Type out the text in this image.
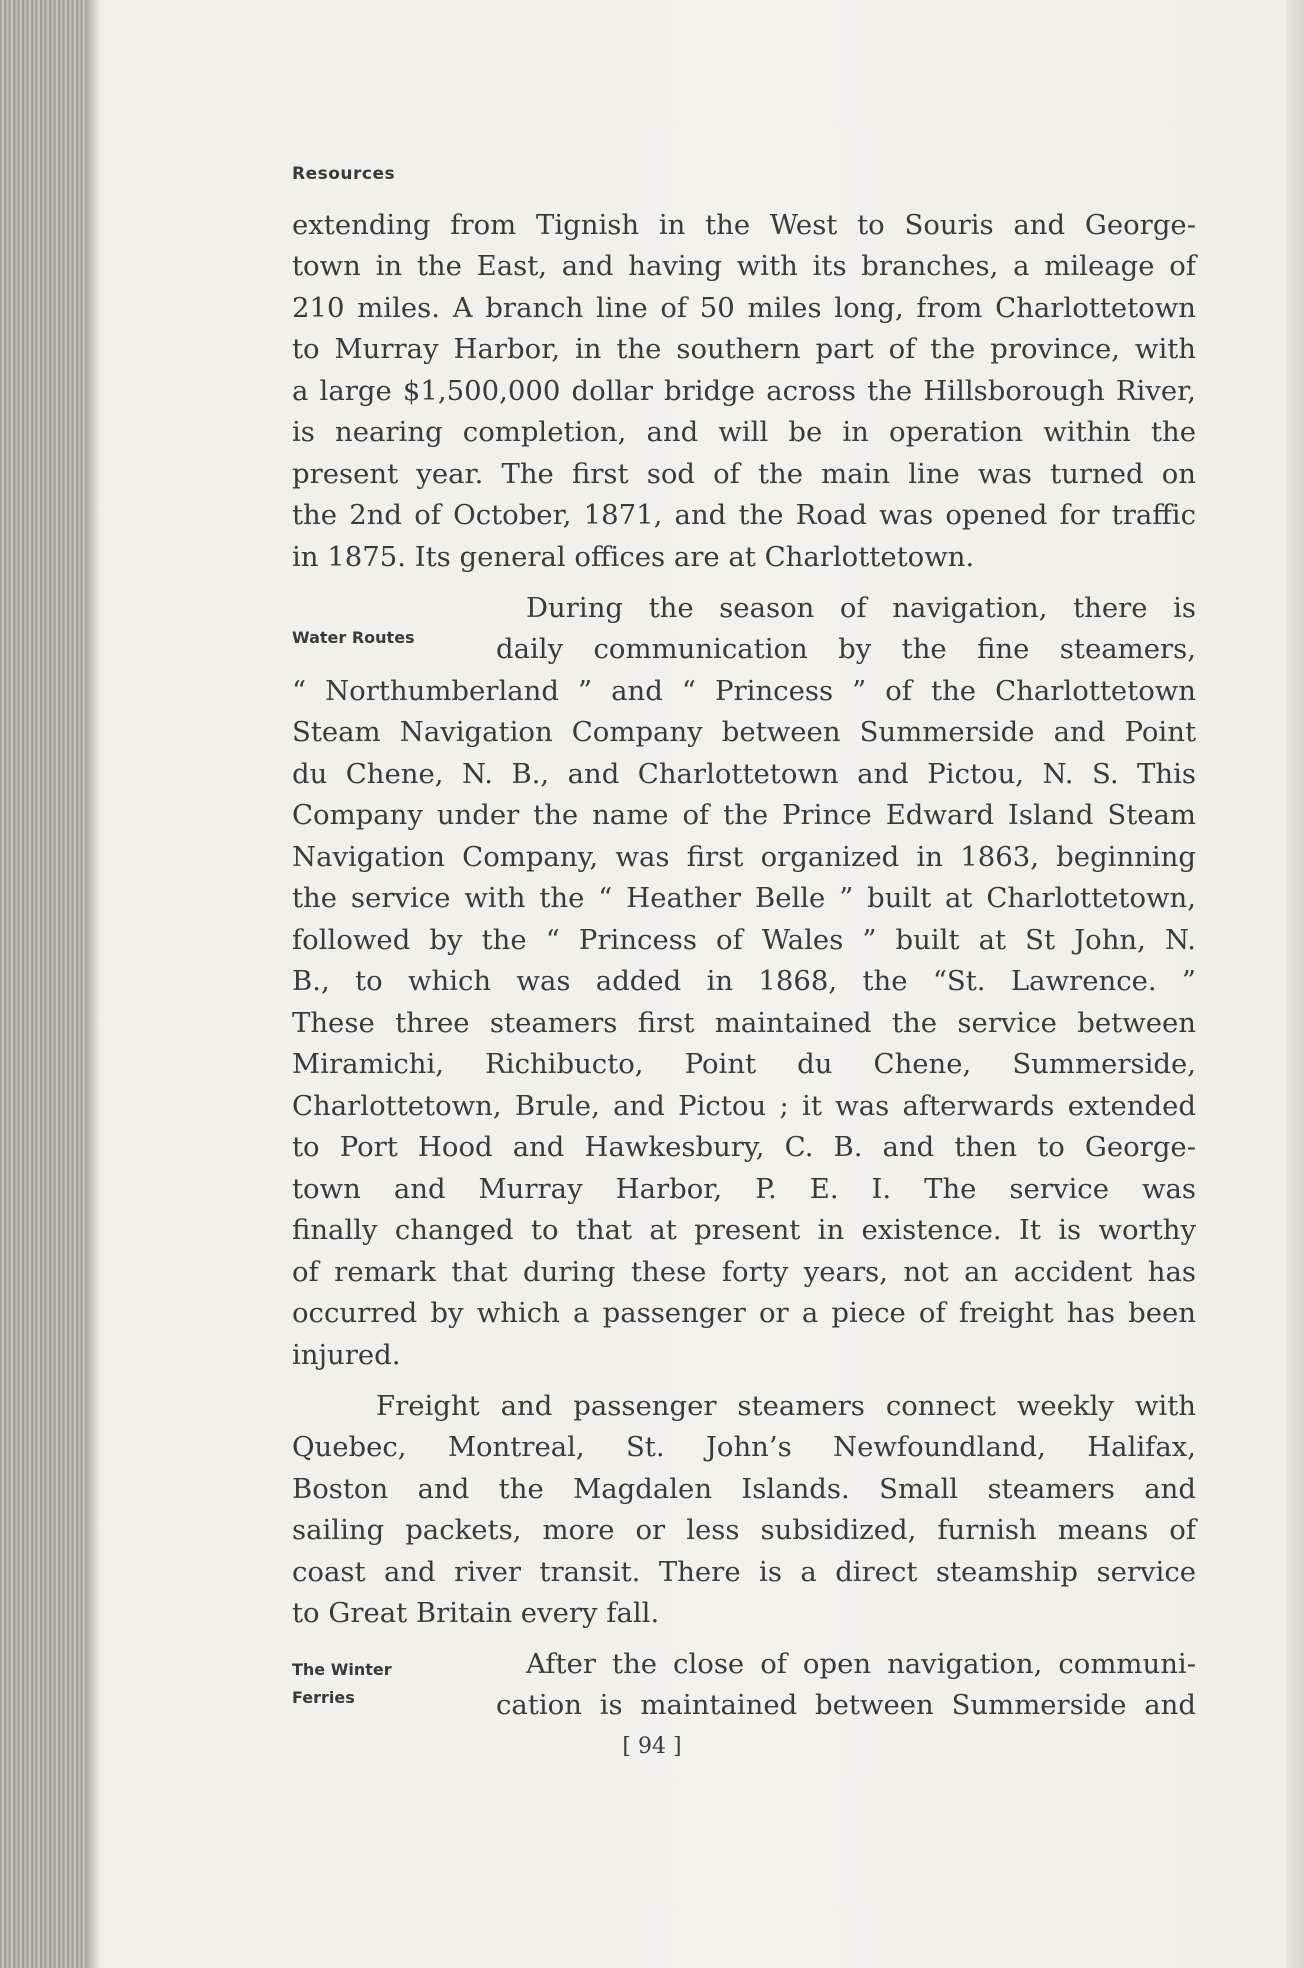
Resources
extending from Tignish in the West to Souris and George-
town in the East, and having with its branches, a mileage of
210 miles. A branch line of 50 miles long, from Charlottetown
to Murray Harbor, in the southern part of the province, with
a large $1,500,000 dollar bridge across the Hillsborough River,
is nearing completion, and will be in operation within the
present year. The first sod of the main line was turned on
the 2nd of October, 1871, and the Road was opened for traffic
in 1875. Its general offices are at Charlottetown.
Water Routes
During the season of navigation, there is
daily communication by the fine steamers,
“ Northumberland ” and “ Princess ” of the Charlottetown
Steam Navigation Company between Summerside and Point
du Chene, N. B., and Charlottetown and Pictou, N. S. This
Company under the name of the Prince Edward Island Steam
Navigation Company, was first organized in 1863, beginning
the service with the “ Heather Belle ” built at Charlottetown,
followed by the “ Princess of Wales ” built at St John, N.
B., to which was added in 1868, the “St. Lawrence. ”
These three steamers first maintained the service between
Miramichi, Richibucto, Point du Chene, Summerside,
Charlottetown, Brule, and Pictou ; it was afterwards extended
to Port Hood and Hawkesbury, C. B. and then to George-
town and Murray Harbor, P. E. I. The service was
finally changed to that at present in existence. It is worthy
of remark that during these forty years, not an accident has
occurred by which a passenger or a piece of freight has been
injured.
Freight and passenger steamers connect weekly with
Quebec, Montreal, St. John’s Newfoundland, Halifax,
Boston and the Magdalen Islands. Small steamers and
sailing packets, more or less subsidized, furnish means of
coast and river transit. There is a direct steamship service
to Great Britain every fall.
The Winter
Ferries
After the close of open navigation, communi-
cation is maintained between Summerside and
[ 94 ]
